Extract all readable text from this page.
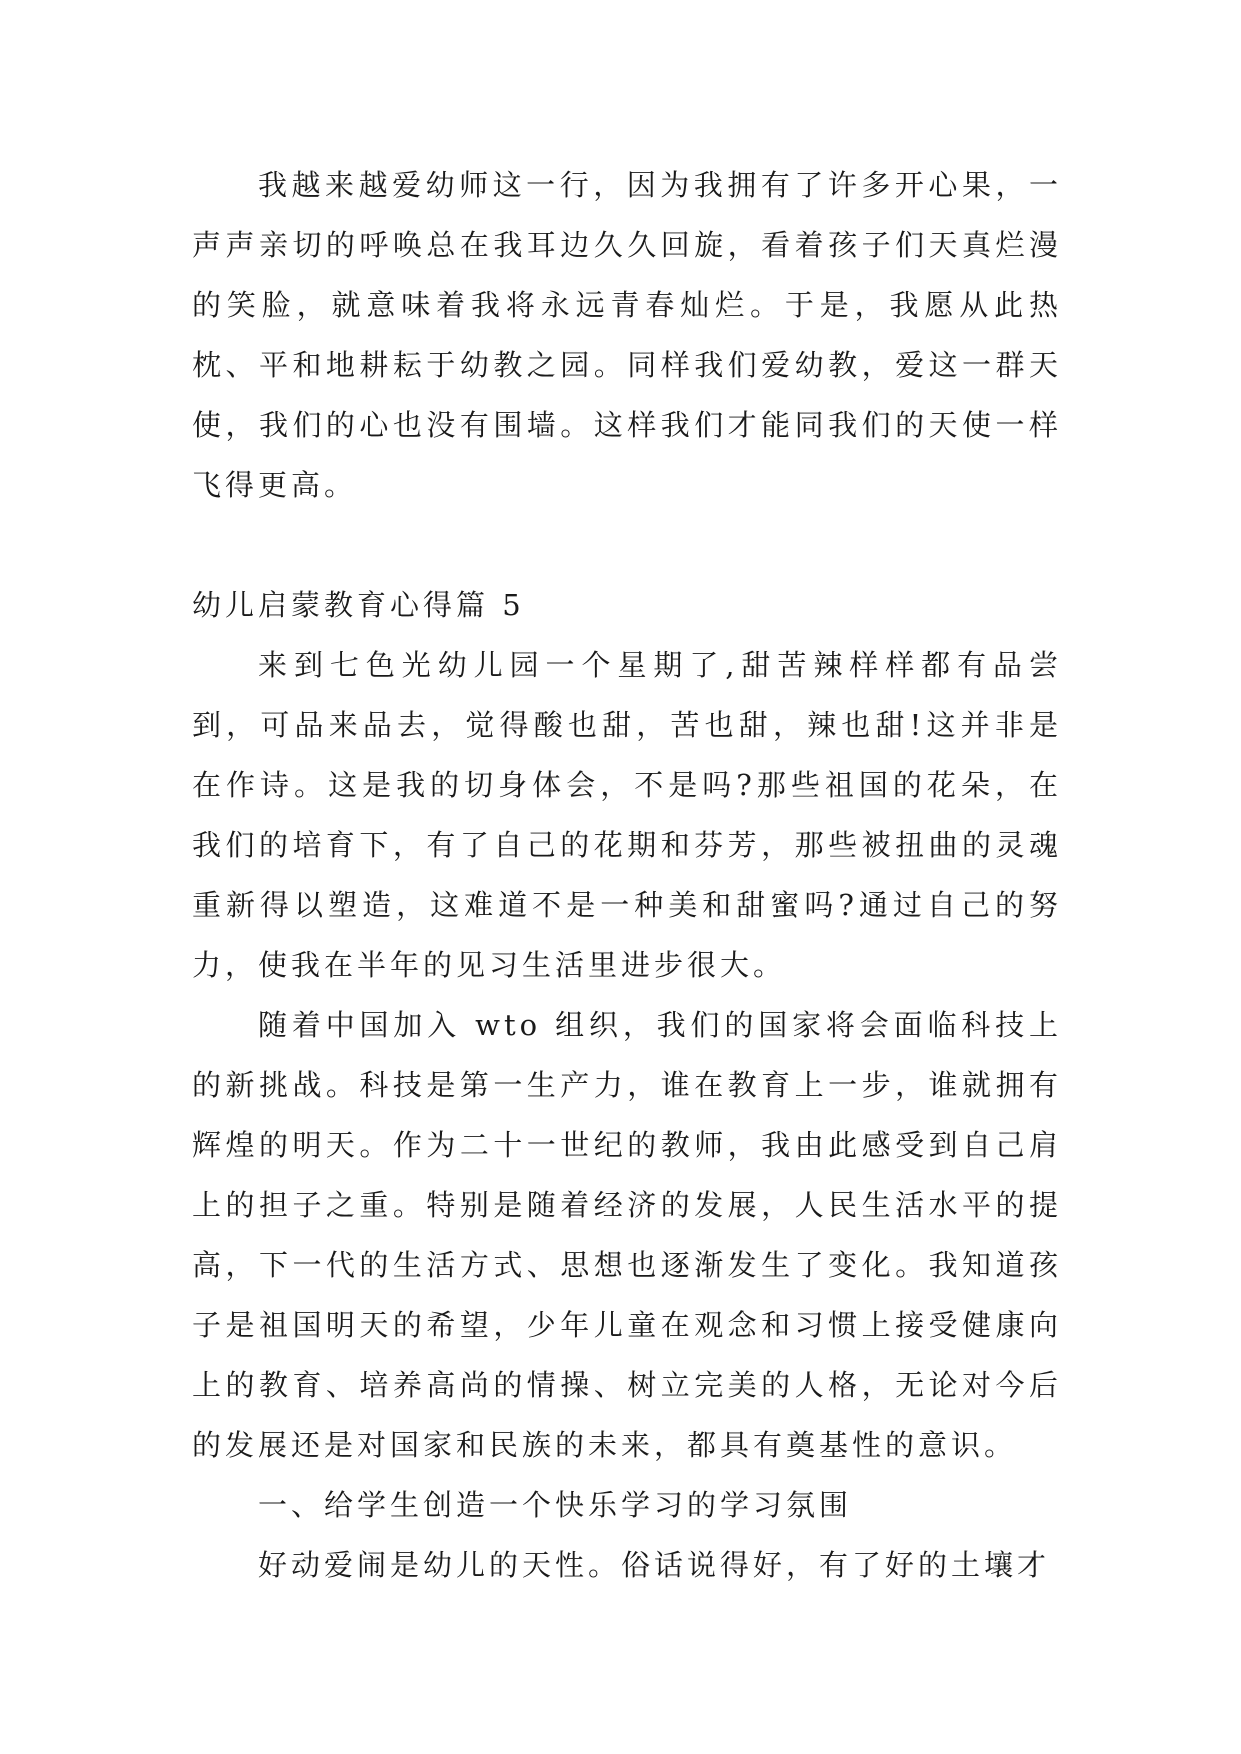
我越来越爱幼师这一行，因为我拥有了许多开心果，一声声亲切的呼唤总在我耳边久久回旋，看着孩子们天真烂漫的笑脸，就意味着我将永远青春灿烂。于是，我愿从此热枕、平和地耕耘于幼教之园。同样我们爱幼教，爱这一群天使，我们的心也没有围墙。这样我们才能同我们的天使一样飞得更高。

幼儿启蒙教育心得篇 5

来到七色光幼儿园一个星期了,甜苦辣样样都有品尝到，可品来品去，觉得酸也甜，苦也甜，辣也甜!这并非是在作诗。这是我的切身体会，不是吗?那些祖国的花朵，在我们的培育下，有了自己的花期和芬芳，那些被扭曲的灵魂重新得以塑造，这难道不是一种美和甜蜜吗?通过自己的努力，使我在半年的见习生活里进步很大。

随着中国加入 wto 组织，我们的国家将会面临科技上的新挑战。科技是第一生产力，谁在教育上一步，谁就拥有辉煌的明天。作为二十一世纪的教师，我由此感受到自己肩上的担子之重。特别是随着经济的发展，人民生活水平的提高，下一代的生活方式、思想也逐渐发生了变化。我知道孩子是祖国明天的希望，少年儿童在观念和习惯上接受健康向上的教育、培养高尚的情操、树立完美的人格，无论对今后的发展还是对国家和民族的未来，都具有奠基性的意识。

一、给学生创造一个快乐学习的学习氛围

好动爱闹是幼儿的天性。俗话说得好，有了好的土壤才
